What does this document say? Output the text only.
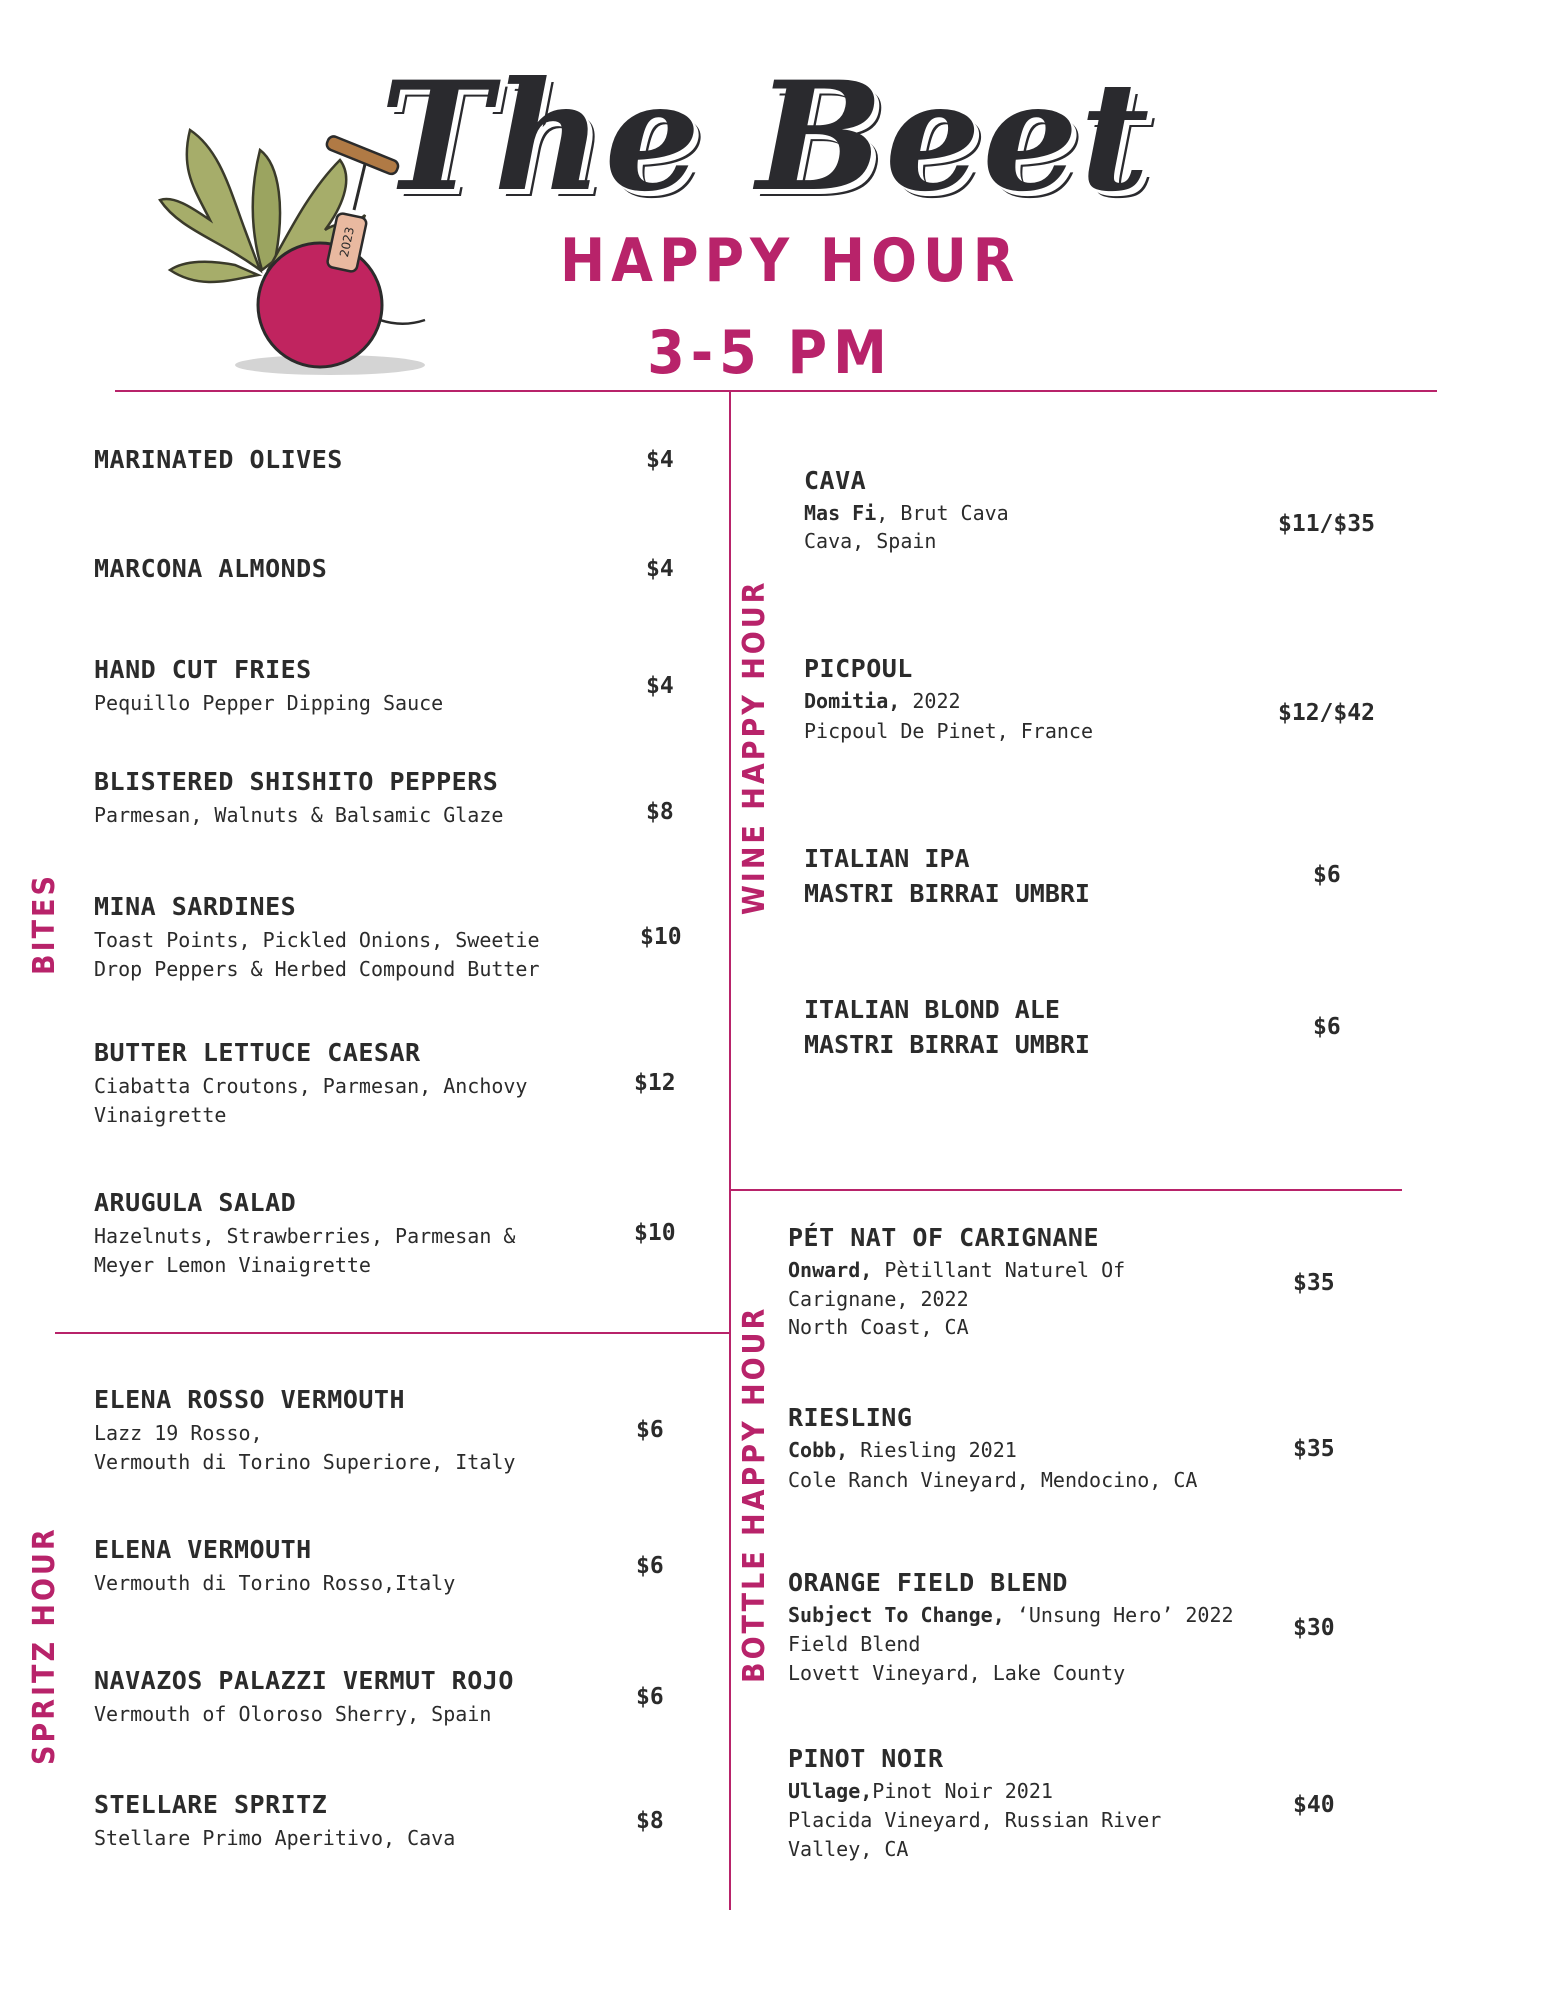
2023
The Beet
HAPPY HOUR
3-5 PM
BITES
SPRITZ HOUR
WINE HAPPY HOUR
BOTTLE HAPPY HOUR
MARINATED OLIVES	$4
MARCONA ALMONDS	$4
HAND CUT FRIES
Pequillo Pepper Dipping Sauce
$4
BLISTERED SHISHITO PEPPERS
Parmesan, Walnuts & Balsamic Glaze	$8
MINA SARDINES
Toast Points, Pickled Onions, Sweetie
Drop Peppers & Herbed Compound Butter
$10
BUTTER LETTUCE CAESAR
Ciabatta Croutons, Parmesan, Anchovy
Vinaigrette
$12
ARUGULA SALAD
Hazelnuts, Strawberries, Parmesan &
Meyer Lemon Vinaigrette
$10
ELENA ROSSO VERMOUTH
Lazz 19 Rosso,
Vermouth di Torino Superiore, Italy
$6
ELENA VERMOUTH
Vermouth di Torino Rosso,Italy
$6
NAVAZOS PALAZZI VERMUT ROJO
Vermouth of Oloroso Sherry, Spain
$6
STELLARE SPRITZ
Stellare Primo Aperitivo, Cava
$8
CAVA
Mas Fi, Brut Cava
Cava, Spain
$11/$35
PICPOUL
Domitia, 2022
Picpoul De Pinet, France
$12/$42
ITALIAN IPA
MASTRI BIRRAI UMBRI
$6
ITALIAN BLOND ALE
MASTRI BIRRAI UMBRI
$6
PÉT NAT OF CARIGNANE
Onward, Pètillant Naturel Of
Carignane, 2022
North Coast, CA
$35
RIESLING
Cobb, Riesling 2021
Cole Ranch Vineyard, Mendocino, CA
$35
ORANGE FIELD BLEND
Subject To Change, ‘Unsung Hero’ 2022
Field Blend
Lovett Vineyard, Lake County
$30
PINOT NOIR
Ullage,Pinot Noir 2021
Placida Vineyard, Russian River
Valley, CA
$40
